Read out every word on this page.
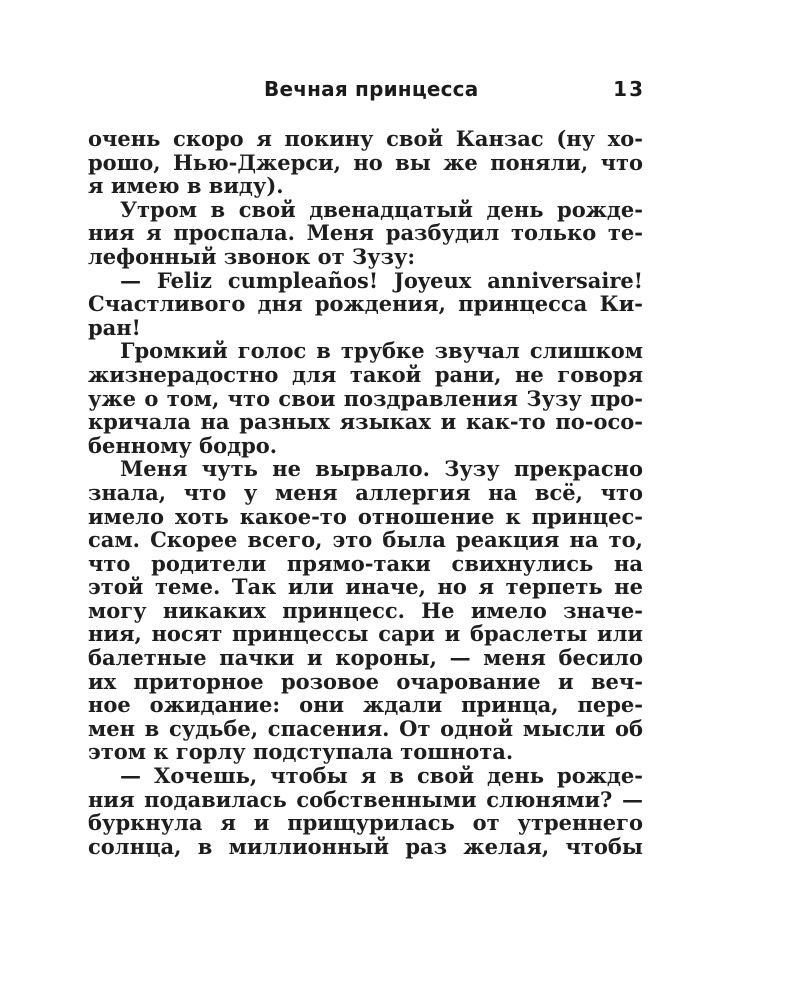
Вечная принцесса	13
очень скоро я покину свой Канзас (ну хо-
рошо, Нью-Джерси, но вы же поняли, что
я имею в виду).
Утром в свой двенадцатый день рожде-
ния я проспала. Меня разбудил только те-
лефонный звонок от Зузу:
— Feliz cumpleaños! Joyeux anniversaire!
Счастливого дня рождения, принцесса Ки-
ран!
Громкий голос в трубке звучал слишком
жизнерадостно для такой рани, не говоря
уже о том, что свои поздравления Зузу про-
кричала на разных языках и как-то по-осо-
бенному бодро.
Меня чуть не вырвало. Зузу прекрасно
знала, что у меня аллергия на всё, что
имело хоть какое-то отношение к принцес-
сам. Скорее всего, это была реакция на то,
что родители прямо-таки свихнулись на
этой теме. Так или иначе, но я терпеть не
могу никаких принцесс. Не имело значе-
ния, носят принцессы сари и браслеты или
балетные пачки и короны, — меня бесило
их приторное розовое очарование и веч-
ное ожидание: они ждали принца, пере-
мен в судьбе, спасения. От одной мысли об
этом к горлу подступала тошнота.
— Хочешь, чтобы я в свой день рожде-
ния подавилась собственными слюнями? —
буркнула я и прищурилась от утреннего
солнца, в миллионный раз желая, чтобы
